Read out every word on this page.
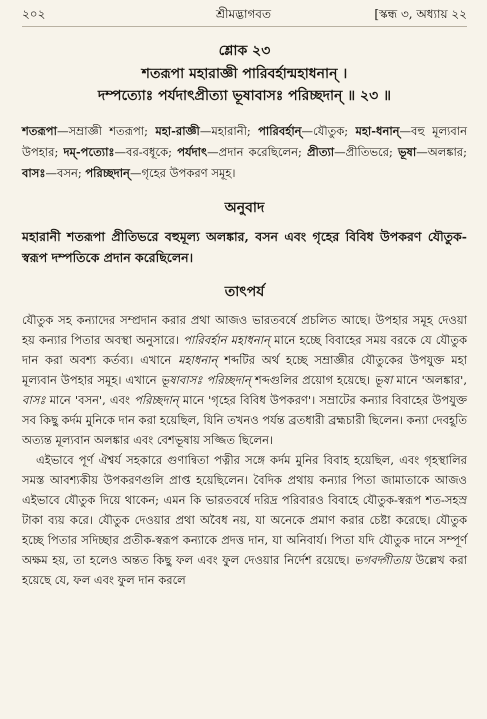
২০২	শ্রীমদ্ভাগবত	[স্কন্ধ ৩, অধ্যায় ২২
শ্লোক ২৩
শতরূপা মহারাজ্ঞী পারিবর্হান্মহাধনান্ ।
দম্পত্যোঃ পর্যদাৎপ্রীত্যা ভূষাবাসঃ পরিচ্ছদান্ ॥ ২৩ ॥
শতরূপা—সম্রাজ্ঞী শতরূপা; মহা-রাজ্ঞী—মহারানী; পারিবর্হান্—যৌতুক; মহা-ধনান্—বহু মূল্যবান উপহার; দম্-পত্যোঃ—বর-বধূকে; পর্যদাৎ—প্রদান করেছিলেন; প্রীত্যা—প্রীতিভরে; ভূষা—অলঙ্কার; বাসঃ—বসন; পরিচ্ছদান্—গৃহের উপকরণ সমূহ।
অনুবাদ
মহারানী শতরূপা প্রীতিভরে বহুমূল্য অলঙ্কার, বসন এবং গৃহের বিবিধ উপকরণ যৌতুক-স্বরূপ দম্পতিকে প্রদান করেছিলেন।
তাৎপর্য

যৌতুক সহ কন্যাদের সম্প্রদান করার প্রথা আজও ভারতবর্ষে প্রচলিত আছে। উপহার সমূহ দেওয়া হয় কন্যার পিতার অবস্থা অনুসারে। পারিবর্হান মহাধনান্ মানে হচ্ছে বিবাহের সময় বরকে যে যৌতুক দান করা অবশ্য কর্তব্য। এখানে মহাধনান্ শব্দটির অর্থ হচ্ছে সম্রাজ্ঞীর যৌতুকের উপযুক্ত মহা মূল্যবান উপহার সমূহ। এখানে ভূষাবাসঃ পরিচ্ছদান্ শব্দগুলির প্রয়োগ হয়েছে। ভূষা মানে 'অলঙ্কার', বাসঃ মানে 'বসন', এবং পরিচ্ছদান্ মানে 'গৃহের বিবিধ উপকরণ'। সম্রাটের কন্যার বিবাহের উপযুক্ত সব কিছু কর্দম মুনিকে দান করা হয়েছিল, যিনি তখনও পর্যন্ত ব্রতধারী ব্রহ্মচারী ছিলেন। কন্যা দেবহূতি অত্যন্ত মূল্যবান অলঙ্কার এবং বেশভূষায় সজ্জিত ছিলেন।

এইভাবে পূর্ণ ঐশ্বর্য সহকারে গুণান্বিতা পত্নীর সঙ্গে কর্দম মুনির বিবাহ হয়েছিল, এবং গৃহস্থালির সমস্ত আবশ্যকীয় উপকরণগুলি প্রাপ্ত হয়েছিলেন। বৈদিক প্রথায় কন্যার পিতা জামাতাকে আজও এইভাবে যৌতুক দিয়ে থাকেন; এমন কি ভারতবর্ষে দরিদ্র পরিবারও বিবাহে যৌতুক-স্বরূপ শত-সহস্র টাকা ব্যয় করে। যৌতুক দেওয়ার প্রথা অবৈধ নয়, যা অনেকে প্রমাণ করার চেষ্টা করেছে। যৌতুক হচ্ছে পিতার সদিচ্ছার প্রতীক-স্বরূপ কন্যাকে প্রদত্ত দান, যা অনিবার্য। পিতা যদি যৌতুক দানে সম্পূর্ণ অক্ষম হয়, তা হলেও অন্তত কিছু ফল এবং ফুল দেওয়ার নির্দেশ রয়েছে। ভগবদ্গীতায় উল্লেখ করা হয়েছে যে, ফল এবং ফুল দান করলে
